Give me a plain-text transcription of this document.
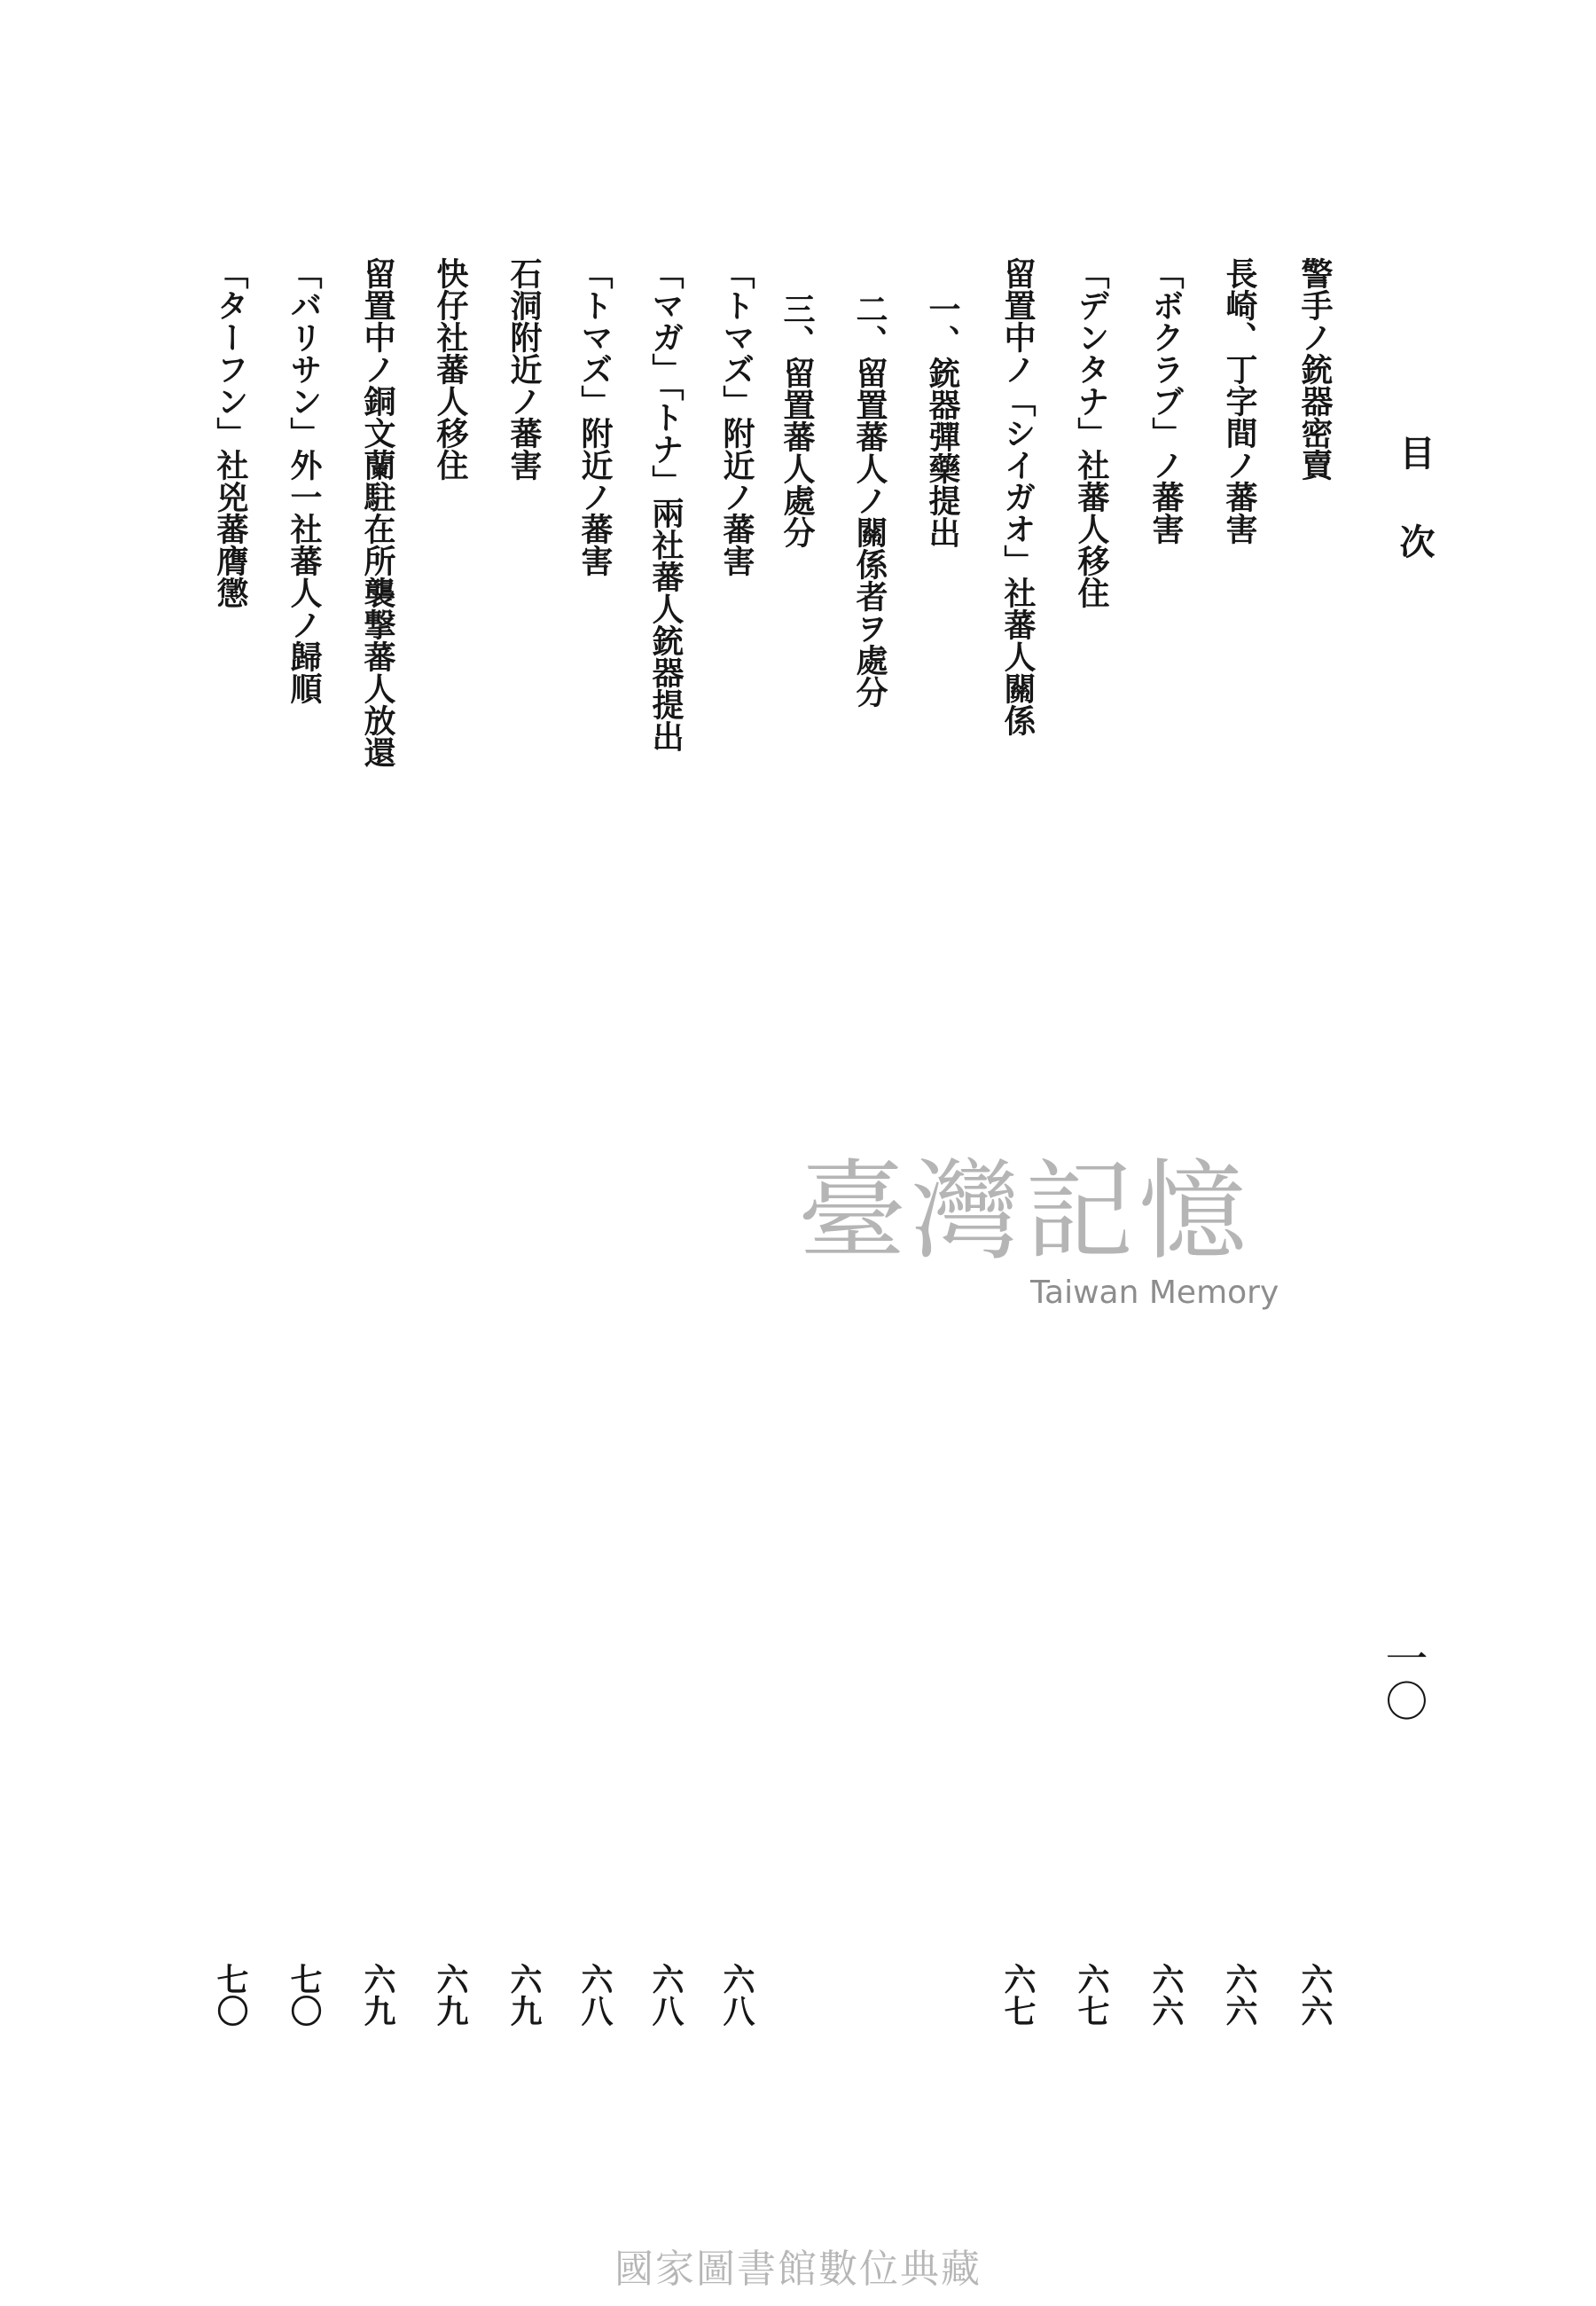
目次
一〇
警手ノ銃器密賣
六六
長崎、丁字間ノ蕃害
六六
「ボクラブ」ノ蕃害
六六
「デンタナ」社蕃人移住
六七
留置中ノ「シイガオ」社蕃人關係
六七
一、銃器彈藥提出
二、留置蕃人ノ關係者ヲ處分
三、留置蕃人處分
「トマズ」附近ノ蕃害
六八
「マガ」「トナ」兩社蕃人銃器提出
六八
「トマズ」附近ノ蕃害
六八
石洞附近ノ蕃害
六九
快仔社蕃人移住
六九
留置中ノ銅文蘭駐在所襲撃蕃人放還
六九
「バリサン」外一社蕃人ノ歸順
七〇
「ターフン」社兇蕃膺懲
七〇
臺灣記憶
Taiwan Memory
國家圖書館數位典藏
